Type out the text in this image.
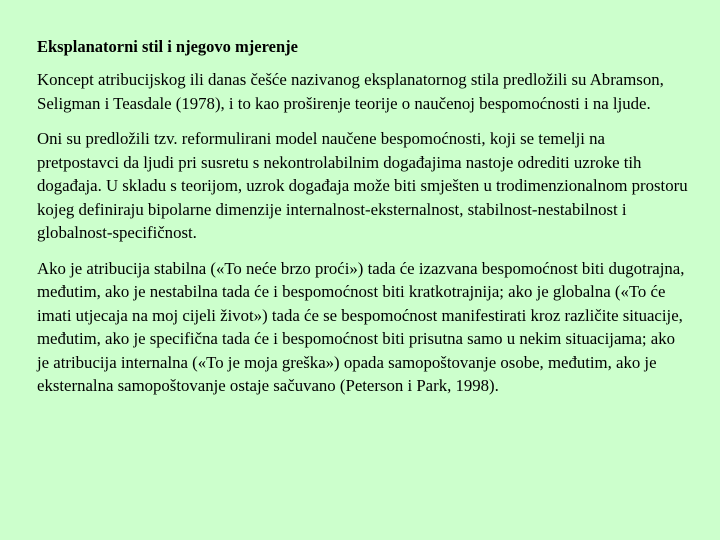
Eksplanatorni stil i njegovo mjerenje

Koncept atribucijskog ili danas češće nazivanog eksplanatornog stila predložili su Abramson, Seligman i Teasdale (1978), i to kao proširenje teorije o naučenoj bespomoćnosti i na ljude.

Oni su predložili tzv. reformulirani model naučene bespomoćnosti, koji se temelji na pretpostavci da ljudi pri susretu s nekontrolabilnim događajima nastoje odrediti uzroke tih događaja. U skladu s teorijom, uzrok događaja može biti smješten u trodimenzionalnom prostoru kojeg definiraju bipolarne dimenzije internalnost-eksternalnost, stabilnost-nestabilnost i globalnost-specifičnost.

Ako je atribucija stabilna («To neće brzo proći») tada će izazvana bespomoćnost biti dugotrajna, međutim, ako je nestabilna tada će i bespomoćnost biti kratkotrajnija; ako je globalna («To će imati utjecaja na moj cijeli život») tada će se bespomoćnost manifestirati kroz različite situacije, međutim, ako je specifična tada će i bespomoćnost biti prisutna samo u nekim situacijama; ako je atribucija internalna («To je moja greška») opada samopoštovanje osobe, međutim, ako je eksternalna samopoštovanje ostaje sačuvano (Peterson i Park, 1998).
